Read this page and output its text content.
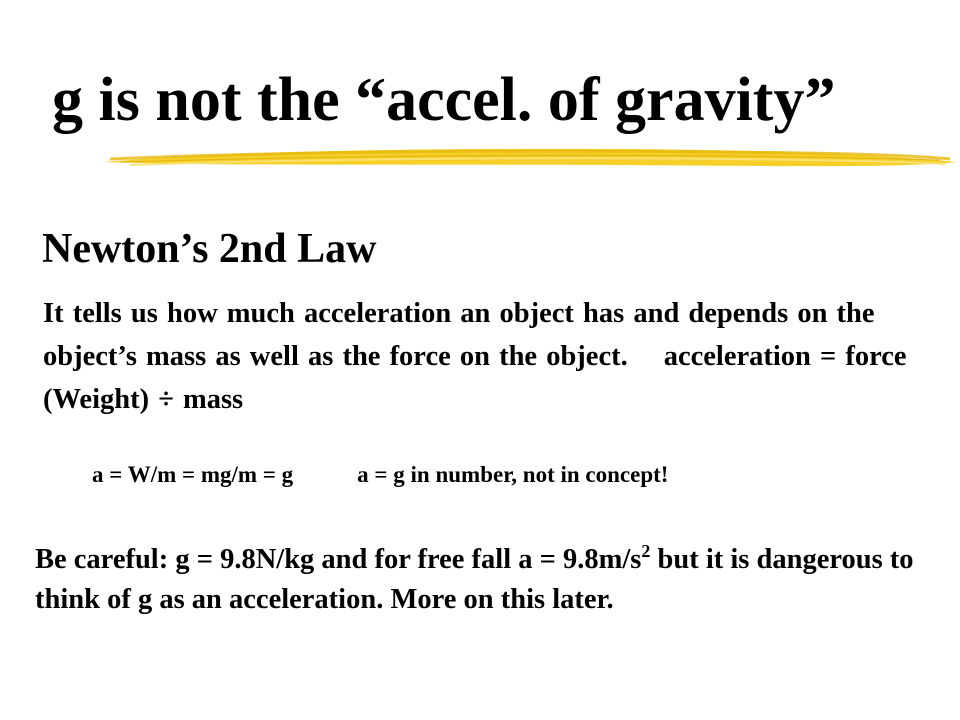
g is not the “accel. of gravity”
Newton’s 2nd Law

It tells us how much acceleration an object has and depends on the object’s mass as well as the force on the object. acceleration = force (Weight) ÷ mass

a = W/m = mg/m = g	a = g in number, not in concept!

Be careful: g = 9.8N/kg and for free fall $a = 9.8m/s^2$ but it is dangerous to think of g as an acceleration. More on this later.
